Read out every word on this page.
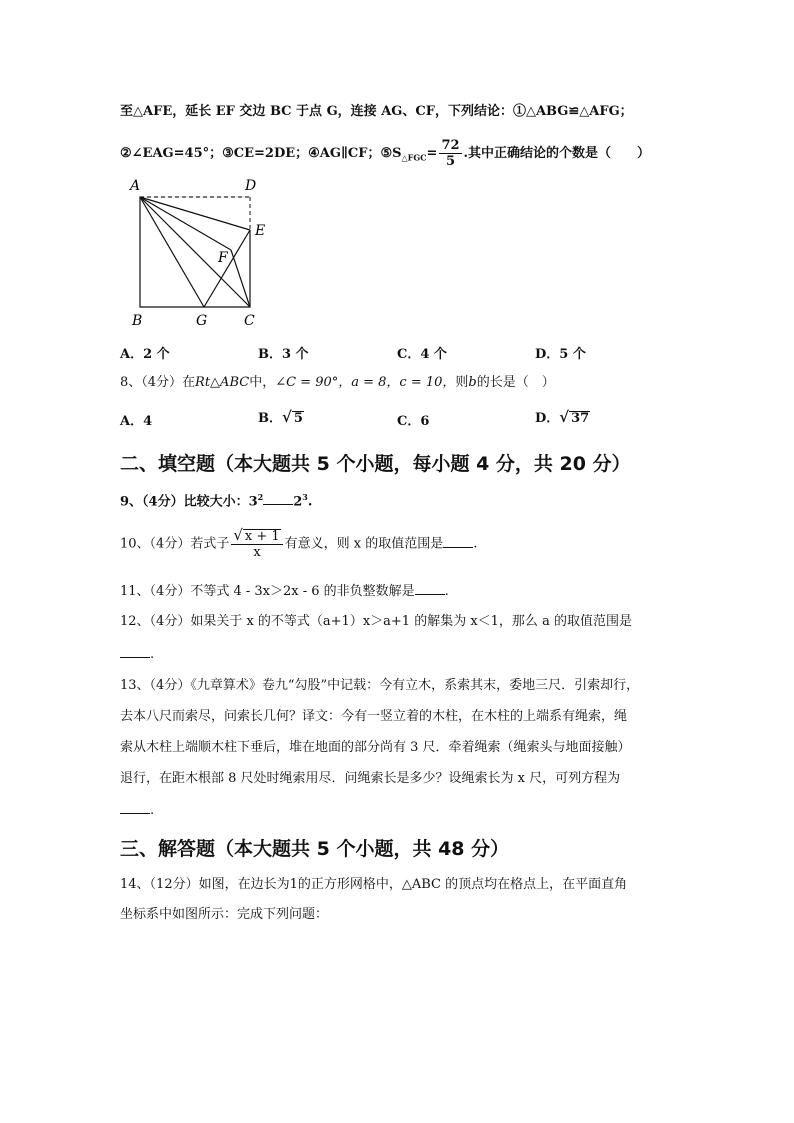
至△AFE，延长 EF 交边 BC 于点 G，连接 AG、CF，下列结论：①△ABG≌△AFG；
②∠EAG=45°；③CE=2DE；④AG∥CF；$⑤S_{\triangle FGC}= \frac{72}{5}$ .其中正确结论的个数是（　　）
A	D
E
F
B	G	C
A．2 个	B．3 个	C．4 个	D．5 个
8、（4分）在Rt△ABC中，∠C = 90°，a = 8，c = 10，则b的长是（　）
A．4	B．√ 5	C．6	D．√ 37
二、填空题（本大题共 5 个小题，每小题 4 分，共 20 分）
9、（4分）比较大小：$3^2$ $2^3$.
10、（4分）若式子 $\frac{√ x + 1}{x}$ 有意义，则 x 的取值范围是 .
11、（4分）不等式 4 - 3x＞2x - 6 的非负整数解是 .
12、（4分）如果关于 x 的不等式（a+1）x＞a+1 的解集为 x＜1，那么 a 的取值范围是
.
13、（4分）《九章算术》卷九“勾股”中记载：今有立木，系索其末，委地三尺．引索却行，
去本八尺而索尽，问索长几何？译文：今有一竖立着的木柱，在木柱的上端系有绳索，绳
索从木柱上端顺木柱下垂后，堆在地面的部分尚有 3 尺．牵着绳索（绳索头与地面接触）
退行，在距木根部 8 尺处时绳索用尽．问绳索长是多少？设绳索长为 x 尺，可列方程为
.
三、解答题（本大题共 5 个小题，共 48 分）
14、（12分）如图，在边长为1的正方形网格中，△ABC 的顶点均在格点上，在平面直角
坐标系中如图所示：完成下列问题：
